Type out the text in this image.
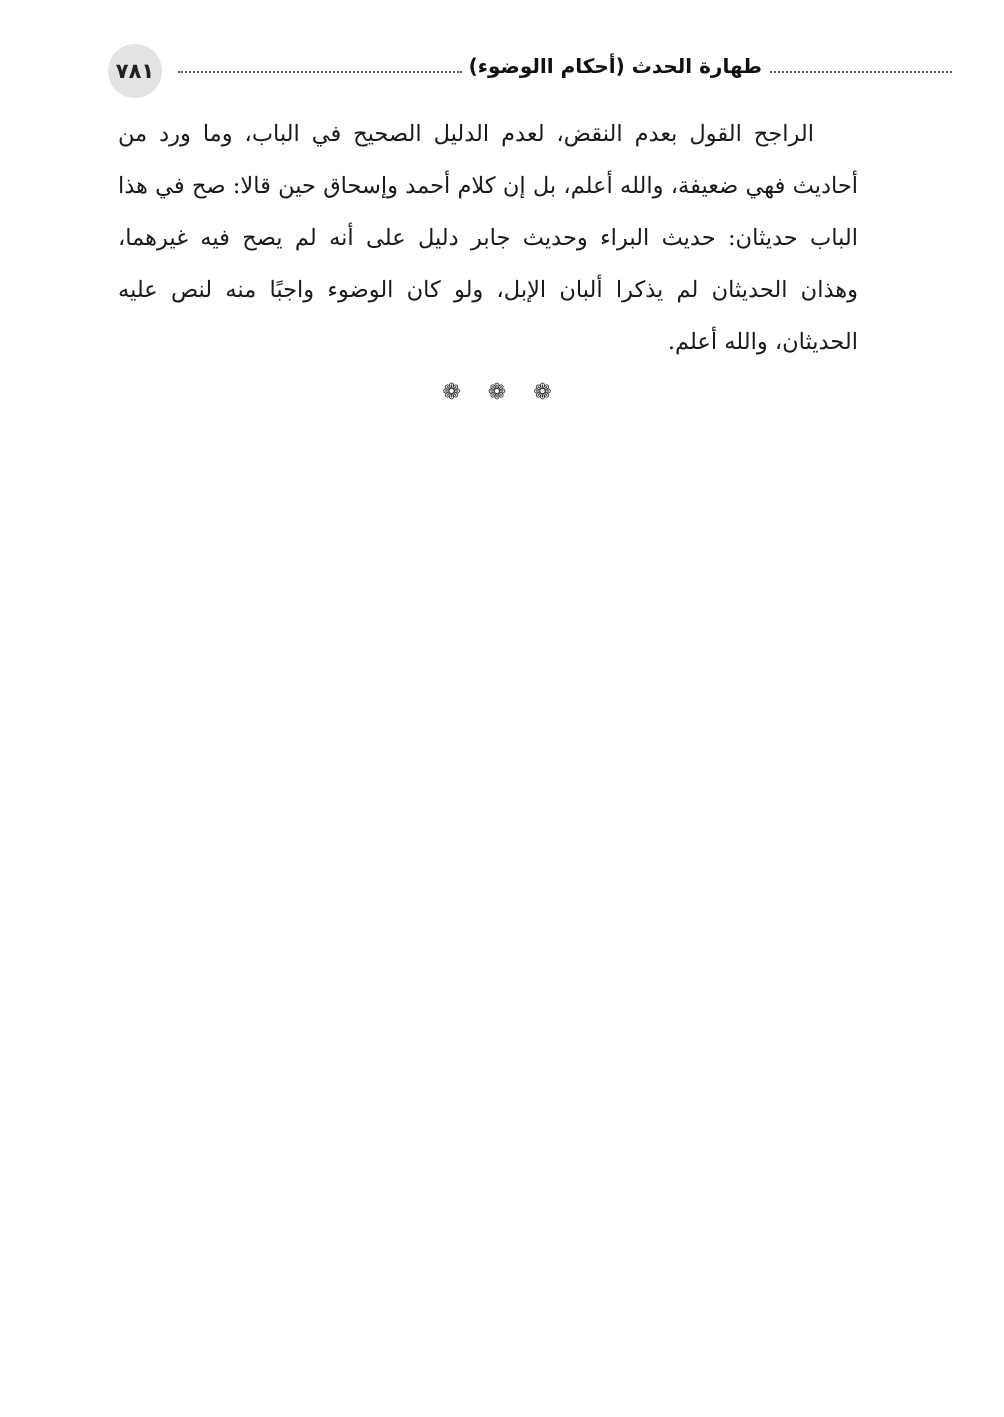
٧٨١	طهارة الحدث (أحكام االوضوء)

الراجح القول بعدم النقض، لعدم الدليل الصحيح في الباب، وما ورد من أحاديث فهي ضعيفة، والله أعلم، بل إن كلام أحمد وإسحاق حين قالا: صح في هذا الباب حديثان: حديث البراء وحديث جابر دليل على أنه لم يصح فيه غيرهما، وهذان الحديثان لم يذكرا ألبان الإبل، ولو كان الوضوء واجبًا منه لنص عليه الحديثان، والله أعلم.

❁ ❁ ❁
